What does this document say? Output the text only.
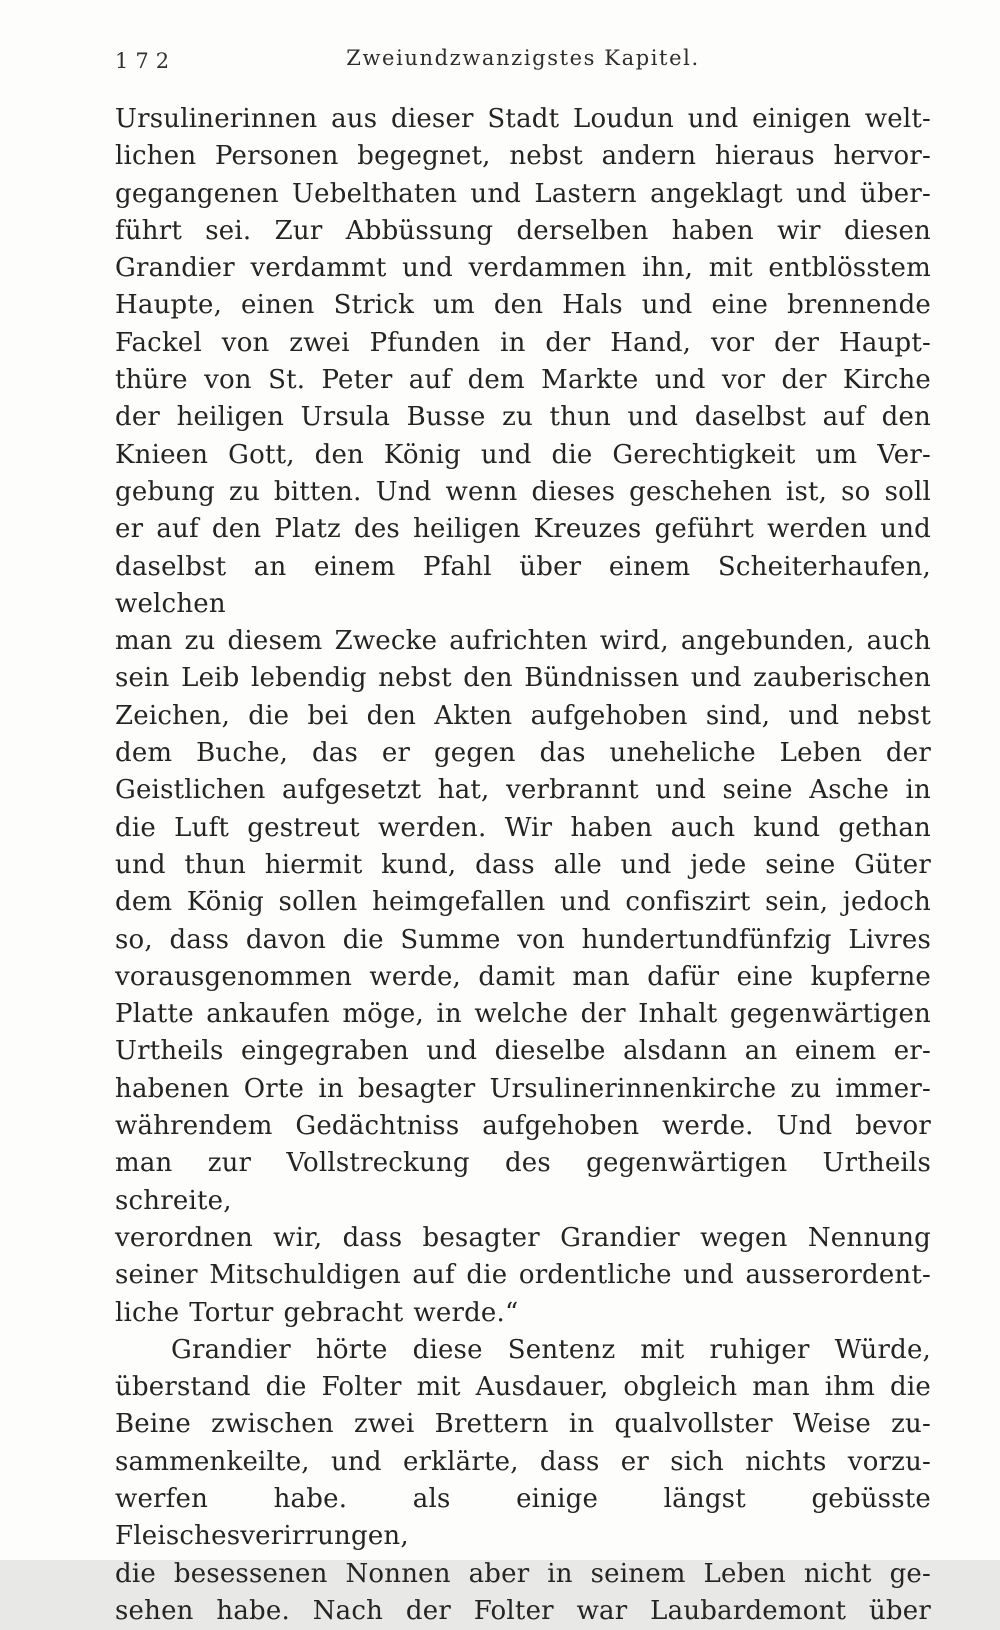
172	Zweiundzwanzigstes Kapitel.
Ursulinerinnen aus dieser Stadt Loudun und einigen welt-
lichen Personen begegnet, nebst andern hieraus hervor-
gegangenen Uebelthaten und Lastern angeklagt und über-
führt sei. Zur Abbüssung derselben haben wir diesen
Grandier verdammt und verdammen ihn, mit entblösstem
Haupte, einen Strick um den Hals und eine brennende
Fackel von zwei Pfunden in der Hand, vor der Haupt-
thüre von St. Peter auf dem Markte und vor der Kirche
der heiligen Ursula Busse zu thun und daselbst auf den
Knieen Gott, den König und die Gerechtigkeit um Ver-
gebung zu bitten. Und wenn dieses geschehen ist, so soll
er auf den Platz des heiligen Kreuzes geführt werden und
daselbst an einem Pfahl über einem Scheiterhaufen, welchen
man zu diesem Zwecke aufrichten wird, angebunden, auch
sein Leib lebendig nebst den Bündnissen und zauberischen
Zeichen, die bei den Akten aufgehoben sind, und nebst
dem Buche, das er gegen das uneheliche Leben der
Geistlichen aufgesetzt hat, verbrannt und seine Asche in
die Luft gestreut werden. Wir haben auch kund gethan
und thun hiermit kund, dass alle und jede seine Güter
dem König sollen heimgefallen und confiszirt sein, jedoch
so, dass davon die Summe von hundertundfünfzig Livres
vorausgenommen werde, damit man dafür eine kupferne
Platte ankaufen möge, in welche der Inhalt gegenwärtigen
Urtheils eingegraben und dieselbe alsdann an einem er-
habenen Orte in besagter Ursulinerinnenkirche zu immer-
währendem Gedächtniss aufgehoben werde. Und bevor
man zur Vollstreckung des gegenwärtigen Urtheils schreite,
verordnen wir, dass besagter Grandier wegen Nennung
seiner Mitschuldigen auf die ordentliche und ausserordent-
liche Tortur gebracht werde.“
Grandier hörte diese Sentenz mit ruhiger Würde,
überstand die Folter mit Ausdauer, obgleich man ihm die
Beine zwischen zwei Brettern in qualvollster Weise zu-
sammenkeilte, und erklärte, dass er sich nichts vorzu-
werfen habe. als einige längst gebüsste Fleischesverirrungen,
die besessenen Nonnen aber in seinem Leben nicht ge-
sehen habe. Nach der Folter war Laubardemont über
